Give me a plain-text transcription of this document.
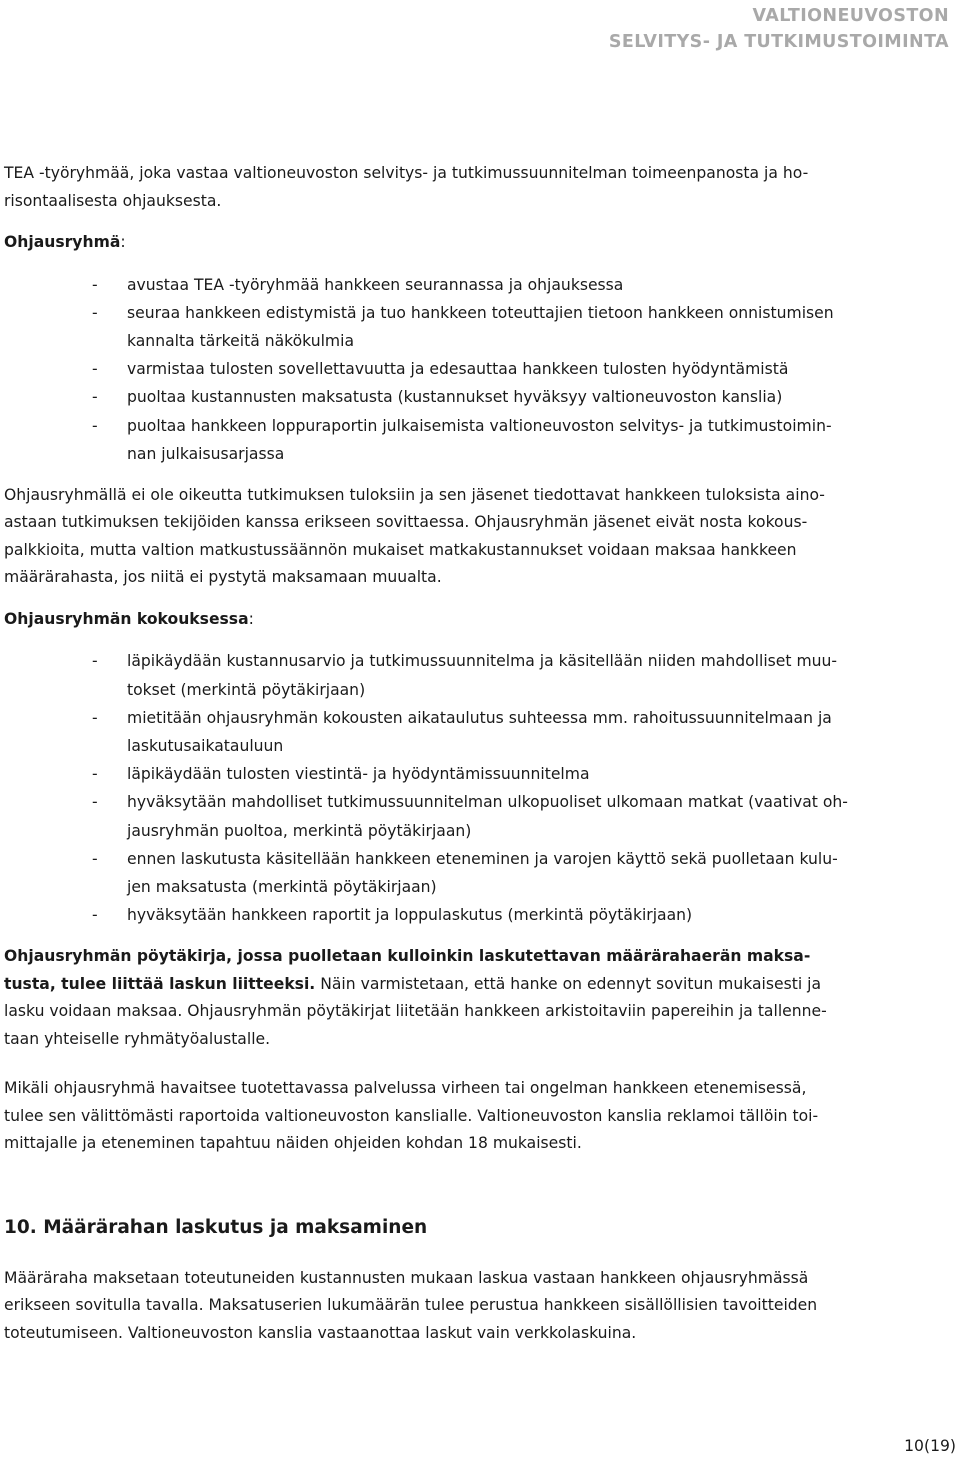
VALTIONEUVOSTON
SELVITYS- JA TUTKIMUSTOIMINTA

TEA -työryhmää, joka vastaa valtioneuvoston selvitys- ja tutkimussuunnitelman toimeenpanosta ja ho-
risontaalisesta ohjauksesta.

Ohjausryhmä:
- avustaa TEA -työryhmää hankkeen seurannassa ja ohjauksessa
- seuraa hankkeen edistymistä ja tuo hankkeen toteuttajien tietoon hankkeen onnistumisen
kannalta tärkeitä näkökulmia
- varmistaa tulosten sovellettavuutta ja edesauttaa hankkeen tulosten hyödyntämistä
- puoltaa kustannusten maksatusta (kustannukset hyväksyy valtioneuvoston kanslia)
- puoltaa hankkeen loppuraportin julkaisemista valtioneuvoston selvitys- ja tutkimustoimin-
nan julkaisusarjassa

Ohjausryhmällä ei ole oikeutta tutkimuksen tuloksiin ja sen jäsenet tiedottavat hankkeen tuloksista aino-
astaan tutkimuksen tekijöiden kanssa erikseen sovittaessa. Ohjausryhmän jäsenet eivät nosta kokous-
palkkioita, mutta valtion matkustussäännön mukaiset matkakustannukset voidaan maksaa hankkeen
määrärahasta, jos niitä ei pystytä maksamaan muualta.

Ohjausryhmän kokouksessa:
- läpikäydään kustannusarvio ja tutkimussuunnitelma ja käsitellään niiden mahdolliset muu-
tokset (merkintä pöytäkirjaan)
- mietitään ohjausryhmän kokousten aikataulutus suhteessa mm. rahoitussuunnitelmaan ja
laskutusaikatauluun
- läpikäydään tulosten viestintä- ja hyödyntämissuunnitelma
- hyväksytään mahdolliset tutkimussuunnitelman ulkopuoliset ulkomaan matkat (vaativat oh-
jausryhmän puoltoa, merkintä pöytäkirjaan)
- ennen laskutusta käsitellään hankkeen eteneminen ja varojen käyttö sekä puolletaan kulu-
jen maksatusta (merkintä pöytäkirjaan)
- hyväksytään hankkeen raportit ja loppulaskutus (merkintä pöytäkirjaan)

Ohjausryhmän pöytäkirja, jossa puolletaan kulloinkin laskutettavan määrärahaerän maksa-
tusta, tulee liittää laskun liitteeksi. Näin varmistetaan, että hanke on edennyt sovitun mukaisesti ja
lasku voidaan maksaa. Ohjausryhmän pöytäkirjat liitetään hankkeen arkistoitaviin papereihin ja tallenne-
taan yhteiselle ryhmätyöalustalle.

Mikäli ohjausryhmä havaitsee tuotettavassa palvelussa virheen tai ongelman hankkeen etenemisessä,
tulee sen välittömästi raportoida valtioneuvoston kanslialle. Valtioneuvoston kanslia reklamoi tällöin toi-
mittajalle ja eteneminen tapahtuu näiden ohjeiden kohdan 18 mukaisesti.

10. Määrärahan laskutus ja maksaminen

Määräraha maksetaan toteutuneiden kustannusten mukaan laskua vastaan hankkeen ohjausryhmässä
erikseen sovitulla tavalla. Maksatuserien lukumäärän tulee perustua hankkeen sisällöllisien tavoitteiden
toteutumiseen. Valtioneuvoston kanslia vastaanottaa laskut vain verkkolaskuina.

10(19)
